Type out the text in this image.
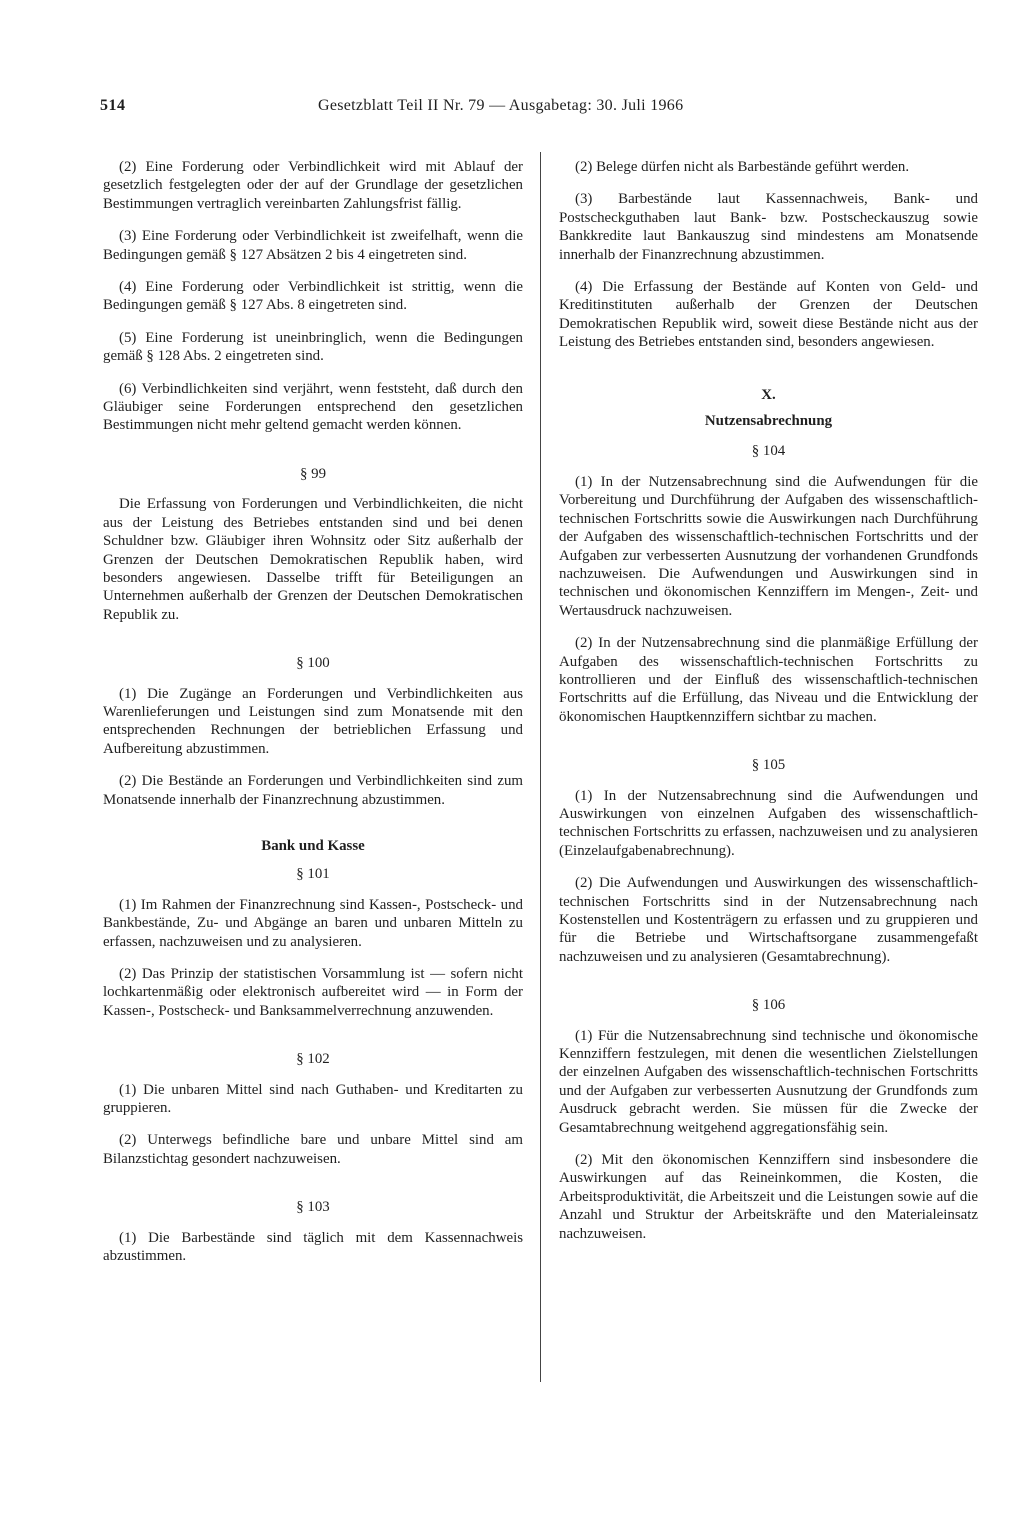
514	Gesetzblatt Teil II Nr. 79 — Ausgabetag: 30. Juli 1966

(2) Eine Forderung oder Verbindlichkeit wird mit Ablauf der gesetzlich festgelegten oder der auf der Grundlage der gesetzlichen Bestimmungen vertraglich vereinbarten Zahlungsfrist fällig.

(3) Eine Forderung oder Verbindlichkeit ist zweifelhaft, wenn die Bedingungen gemäß § 127 Absätzen 2 bis 4 eingetreten sind.

(4) Eine Forderung oder Verbindlichkeit ist strittig, wenn die Bedingungen gemäß § 127 Abs. 8 eingetreten sind.

(5) Eine Forderung ist uneinbringlich, wenn die Bedingungen gemäß § 128 Abs. 2 eingetreten sind.

(6) Verbindlichkeiten sind verjährt, wenn feststeht, daß durch den Gläubiger seine Forderungen entsprechend den gesetzlichen Bestimmungen nicht mehr geltend gemacht werden können.

§ 99

Die Erfassung von Forderungen und Verbindlichkeiten, die nicht aus der Leistung des Betriebes entstanden sind und bei denen Schuldner bzw. Gläubiger ihren Wohnsitz oder Sitz außerhalb der Grenzen der Deutschen Demokratischen Republik haben, wird besonders angewiesen. Dasselbe trifft für Beteiligungen an Unternehmen außerhalb der Grenzen der Deutschen Demokratischen Republik zu.

§ 100

(1) Die Zugänge an Forderungen und Verbindlichkeiten aus Warenlieferungen und Leistungen sind zum Monatsende mit den entsprechenden Rechnungen der betrieblichen Erfassung und Aufbereitung abzustimmen.

(2) Die Bestände an Forderungen und Verbindlichkeiten sind zum Monatsende innerhalb der Finanzrechnung abzustimmen.

Bank und Kasse
§ 101

(1) Im Rahmen der Finanzrechnung sind Kassen-, Postscheck- und Bankbestände, Zu- und Abgänge an baren und unbaren Mitteln zu erfassen, nachzuweisen und zu analysieren.

(2) Das Prinzip der statistischen Vorsammlung ist — sofern nicht lochkartenmäßig oder elektronisch aufbereitet wird — in Form der Kassen-, Postscheck- und Banksammelverrechnung anzuwenden.

§ 102

(1) Die unbaren Mittel sind nach Guthaben- und Kreditarten zu gruppieren.

(2) Unterwegs befindliche bare und unbare Mittel sind am Bilanzstichtag gesondert nachzuweisen.

§ 103

(1) Die Barbestände sind täglich mit dem Kassennachweis abzustimmen.

(2) Belege dürfen nicht als Barbestände geführt werden.

(3) Barbestände laut Kassennachweis, Bank- und Postscheckguthaben laut Bank- bzw. Postscheckauszug sowie Bankkredite laut Bankauszug sind mindestens am Monatsende innerhalb der Finanzrechnung abzustimmen.

(4) Die Erfassung der Bestände auf Konten von Geld- und Kreditinstituten außerhalb der Grenzen der Deutschen Demokratischen Republik wird, soweit diese Bestände nicht aus der Leistung des Betriebes entstanden sind, besonders angewiesen.

X.
Nutzensabrechnung
§ 104

(1) In der Nutzensabrechnung sind die Aufwendungen für die Vorbereitung und Durchführung der Aufgaben des wissenschaftlich-technischen Fortschritts sowie die Auswirkungen nach Durchführung der Aufgaben des wissenschaftlich-technischen Fortschritts und der Aufgaben zur verbesserten Ausnutzung der vorhandenen Grundfonds nachzuweisen. Die Aufwendungen und Auswirkungen sind in technischen und ökonomischen Kennziffern im Mengen-, Zeit- und Wertausdruck nachzuweisen.

(2) In der Nutzensabrechnung sind die planmäßige Erfüllung der Aufgaben des wissenschaftlich-technischen Fortschritts zu kontrollieren und der Einfluß des wissenschaftlich-technischen Fortschritts auf die Erfüllung, das Niveau und die Entwicklung der ökonomischen Hauptkennziffern sichtbar zu machen.

§ 105

(1) In der Nutzensabrechnung sind die Aufwendungen und Auswirkungen von einzelnen Aufgaben des wissenschaftlich-technischen Fortschritts zu erfassen, nachzuweisen und zu analysieren (Einzelaufgabenabrechnung).

(2) Die Aufwendungen und Auswirkungen des wissenschaftlich-technischen Fortschritts sind in der Nutzensabrechnung nach Kostenstellen und Kostenträgern zu erfassen und zu gruppieren und für die Betriebe und Wirtschaftsorgane zusammengefaßt nachzuweisen und zu analysieren (Gesamtabrechnung).

§ 106

(1) Für die Nutzensabrechnung sind technische und ökonomische Kennziffern festzulegen, mit denen die wesentlichen Zielstellungen der einzelnen Aufgaben des wissenschaftlich-technischen Fortschritts und der Aufgaben zur verbesserten Ausnutzung der Grundfonds zum Ausdruck gebracht werden. Sie müssen für die Zwecke der Gesamtabrechnung weitgehend aggregationsfähig sein.

(2) Mit den ökonomischen Kennziffern sind insbesondere die Auswirkungen auf das Reineinkommen, die Kosten, die Arbeitsproduktivität, die Arbeitszeit und die Leistungen sowie auf die Anzahl und Struktur der Arbeitskräfte und den Materialeinsatz nachzuweisen.
